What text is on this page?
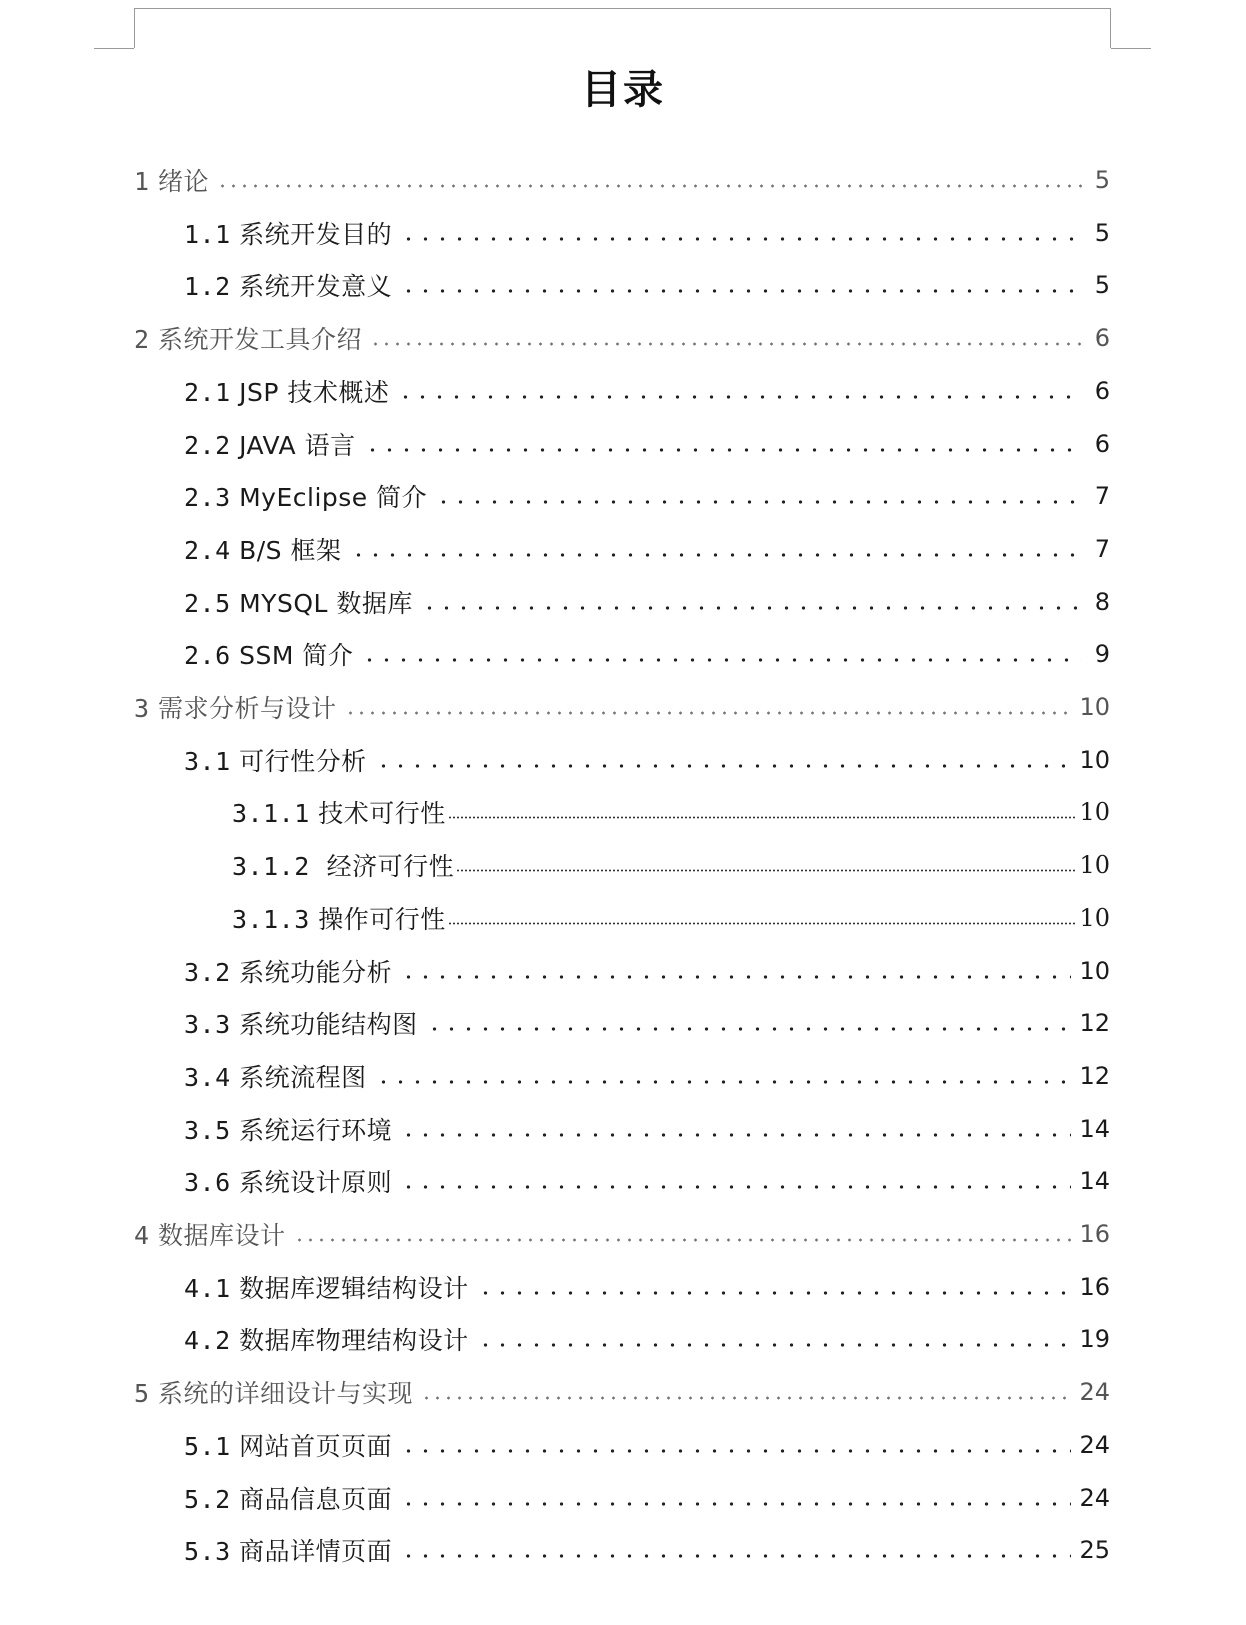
目录
1 绪论	5
1.1 系统开发目的	5
1.2 系统开发意义	5
2 系统开发工具介绍	6
2.1 JSP 技术概述	6
2.2 JAVA 语言	6
2.3 MyEclipse 简介	7
2.4 B/S 框架	7
2.5 MYSQL 数据库	8
2.6 SSM 简介	9
3 需求分析与设计	10
3.1 可行性分析	10
3.1.1 技术可行性	10
3.1.2  经济可行性	10
3.1.3 操作可行性	10
3.2 系统功能分析	10
3.3 系统功能结构图	12
3.4 系统流程图	12
3.5 系统运行环境	14
3.6 系统设计原则	14
4 数据库设计	16
4.1 数据库逻辑结构设计	16
4.2 数据库物理结构设计	19
5 系统的详细设计与实现	24
5.1 网站首页页面	24
5.2 商品信息页面	24
5.3 商品详情页面	25
